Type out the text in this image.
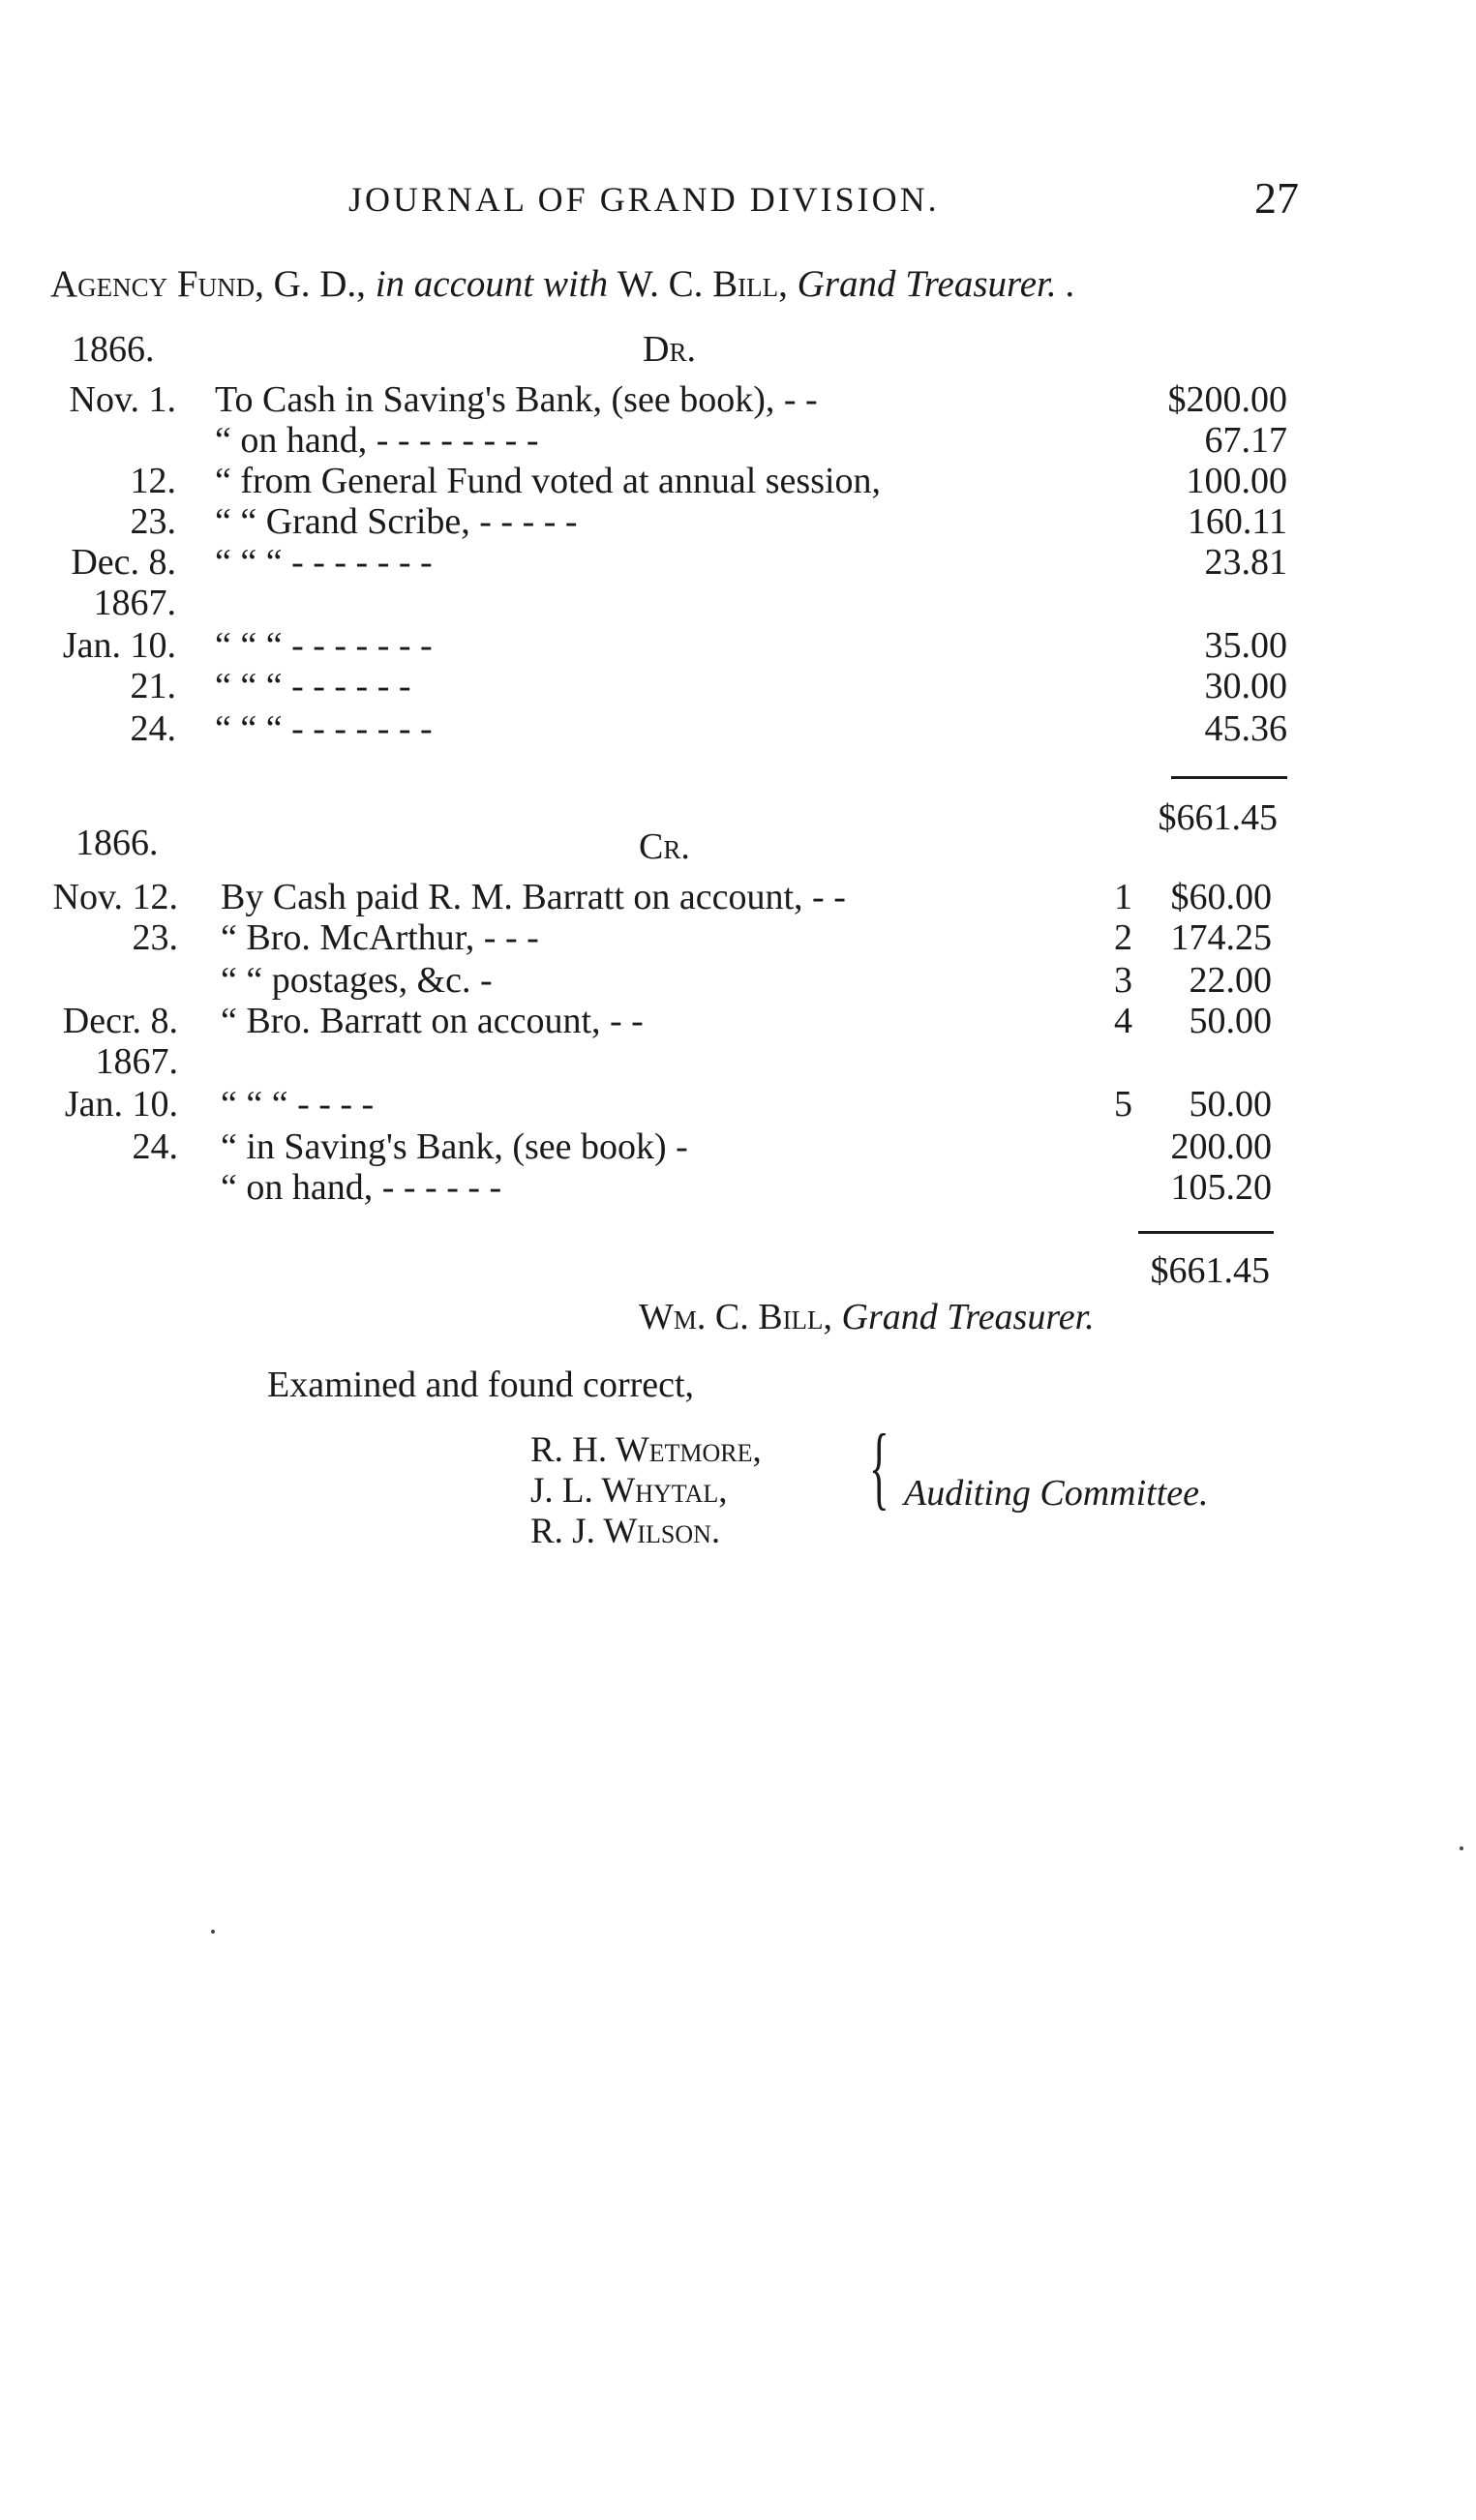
JOURNAL OF GRAND DIVISION.	27
Agency Fund, G. D., in account with W. C. Bill, Grand Treasurer. .
1866.	Dr.
Nov. 1. To Cash in Saving's Bank, (see book), - -	$200.00
“ on hand, - - - - - - - -	67.17
12. “ from General Fund voted at annual session,	100.00
23. “ “ Grand Scribe, - - - - -	160.11
Dec. 8. “ “ “ - - - - - - -	23.81
1867.
Jan. 10. “ “ “ - - - - - - -	35.00
21. “ “ “ - - - - - -	30.00
24. “ “ “ - - - - - - -	45.36
$661.45
1866.	Cr.
Nov. 12. By Cash paid R. M. Barratt on account, - -	1	$60.00
23. “ Bro. McArthur, - - -	2	174.25
“ “ postages, &c. -	3	22.00
Decr. 8. “ Bro. Barratt on account, - -	4	50.00
1867.
Jan. 10. “ “ “ - - - -	5	50.00
24. “ in Saving's Bank, (see book) -	200.00
“ on hand, - - - - - -	105.20
$661.45
Wm. C. Bill, Grand Treasurer.
Examined and found correct,
R. H. Wetmore,
J. L. Whytal,
R. J. Wilson.
{ Auditing Committee.
